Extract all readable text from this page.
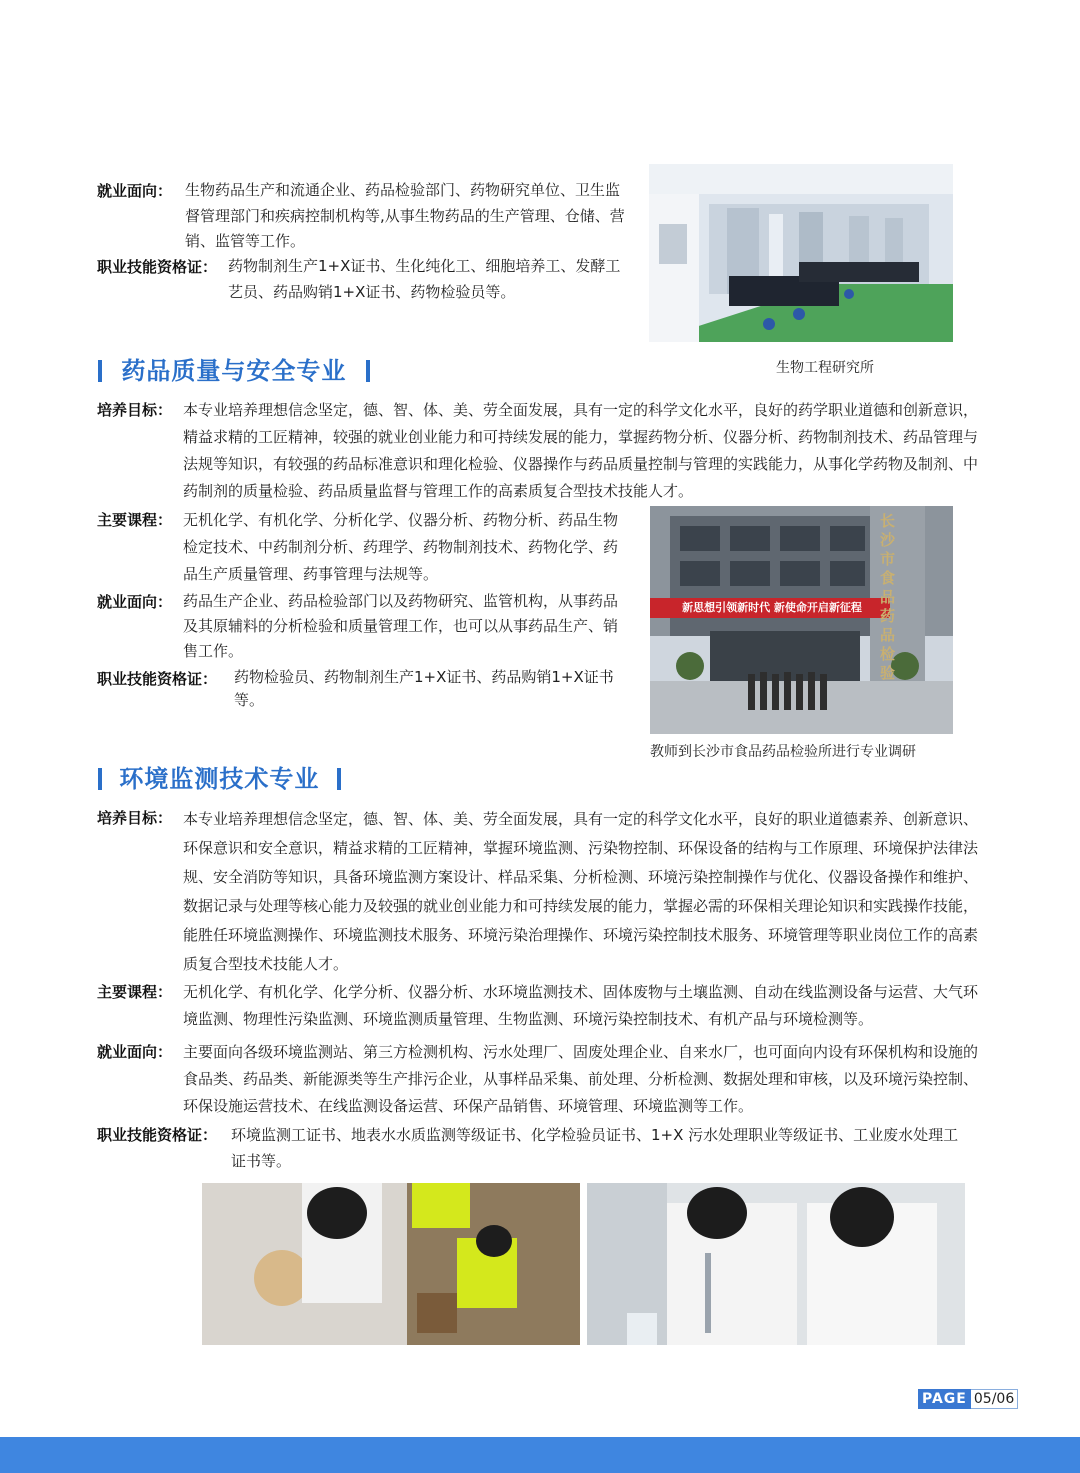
就业面向： 生物药品生产和流通企业、药品检验部门、药物研究单位、卫生监督管理部门和疾病控制机构等,从事生物药品的生产管理、仓储、营销、监管等工作。
职业技能资格证： 药物制剂生产1+X证书、生化纯化工、细胞培养工、发酵工艺员、药品购销1+X证书、药物检验员等。
生物工程研究所
药品质量与安全专业
培养目标： 本专业培养理想信念坚定，德、智、体、美、劳全面发展，具有一定的科学文化水平，良好的药学职业道德和创新意识，精益求精的工匠精神，较强的就业创业能力和可持续发展的能力，掌握药物分析、仪器分析、药物制剂技术、药品管理与法规等知识，有较强的药品标准意识和理化检验、仪器操作与药品质量控制与管理的实践能力，从事化学药物及制剂、中药制剂的质量检验、药品质量监督与管理工作的高素质复合型技术技能人才。
主要课程： 无机化学、有机化学、分析化学、仪器分析、药物分析、药品生物检定技术、中药制剂分析、药理学、药物制剂技术、药物化学、药品生产质量管理、药事管理与法规等。
就业面向： 药品生产企业、药品检验部门以及药物研究、监管机构，从事药品及其原辅料的分析检验和质量管理工作，也可以从事药品生产、销售工作。
职业技能资格证： 药物检验员、药物制剂生产1+X证书、药品购销1+X证书等。
新思想引领新时代 新使命开启新征程
长沙市食品药品检验
教师到长沙市食品药品检验所进行专业调研
环境监测技术专业
培养目标： 本专业培养理想信念坚定，德、智、体、美、劳全面发展，具有一定的科学文化水平，良好的职业道德素养、创新意识、环保意识和安全意识，精益求精的工匠精神，掌握环境监测、污染物控制、环保设备的结构与工作原理、环境保护法律法规、安全消防等知识，具备环境监测方案设计、样品采集、分析检测、环境污染控制操作与优化、仪器设备操作和维护、数据记录与处理等核心能力及较强的就业创业能力和可持续发展的能力，掌握必需的环保相关理论知识和实践操作技能，能胜任环境监测操作、环境监测技术服务、环境污染治理操作、环境污染控制技术服务、环境管理等职业岗位工作的高素质复合型技术技能人才。
主要课程： 无机化学、有机化学、化学分析、仪器分析、水环境监测技术、固体废物与土壤监测、自动在线监测设备与运营、大气环境监测、物理性污染监测、环境监测质量管理、生物监测、环境污染控制技术、有机产品与环境检测等。
就业面向： 主要面向各级环境监测站、第三方检测机构、污水处理厂、固废处理企业、自来水厂，也可面向内设有环保机构和设施的食品类、药品类、新能源类等生产排污企业，从事样品采集、前处理、分析检测、数据处理和审核，以及环境污染控制、环保设施运营技术、在线监测设备运营、环保产品销售、环境管理、环境监测等工作。
职业技能资格证： 环境监测工证书、地表水水质监测等级证书、化学检验员证书、1+X 污水处理职业等级证书、工业废水处理工证书等。
PAGE 05/06
